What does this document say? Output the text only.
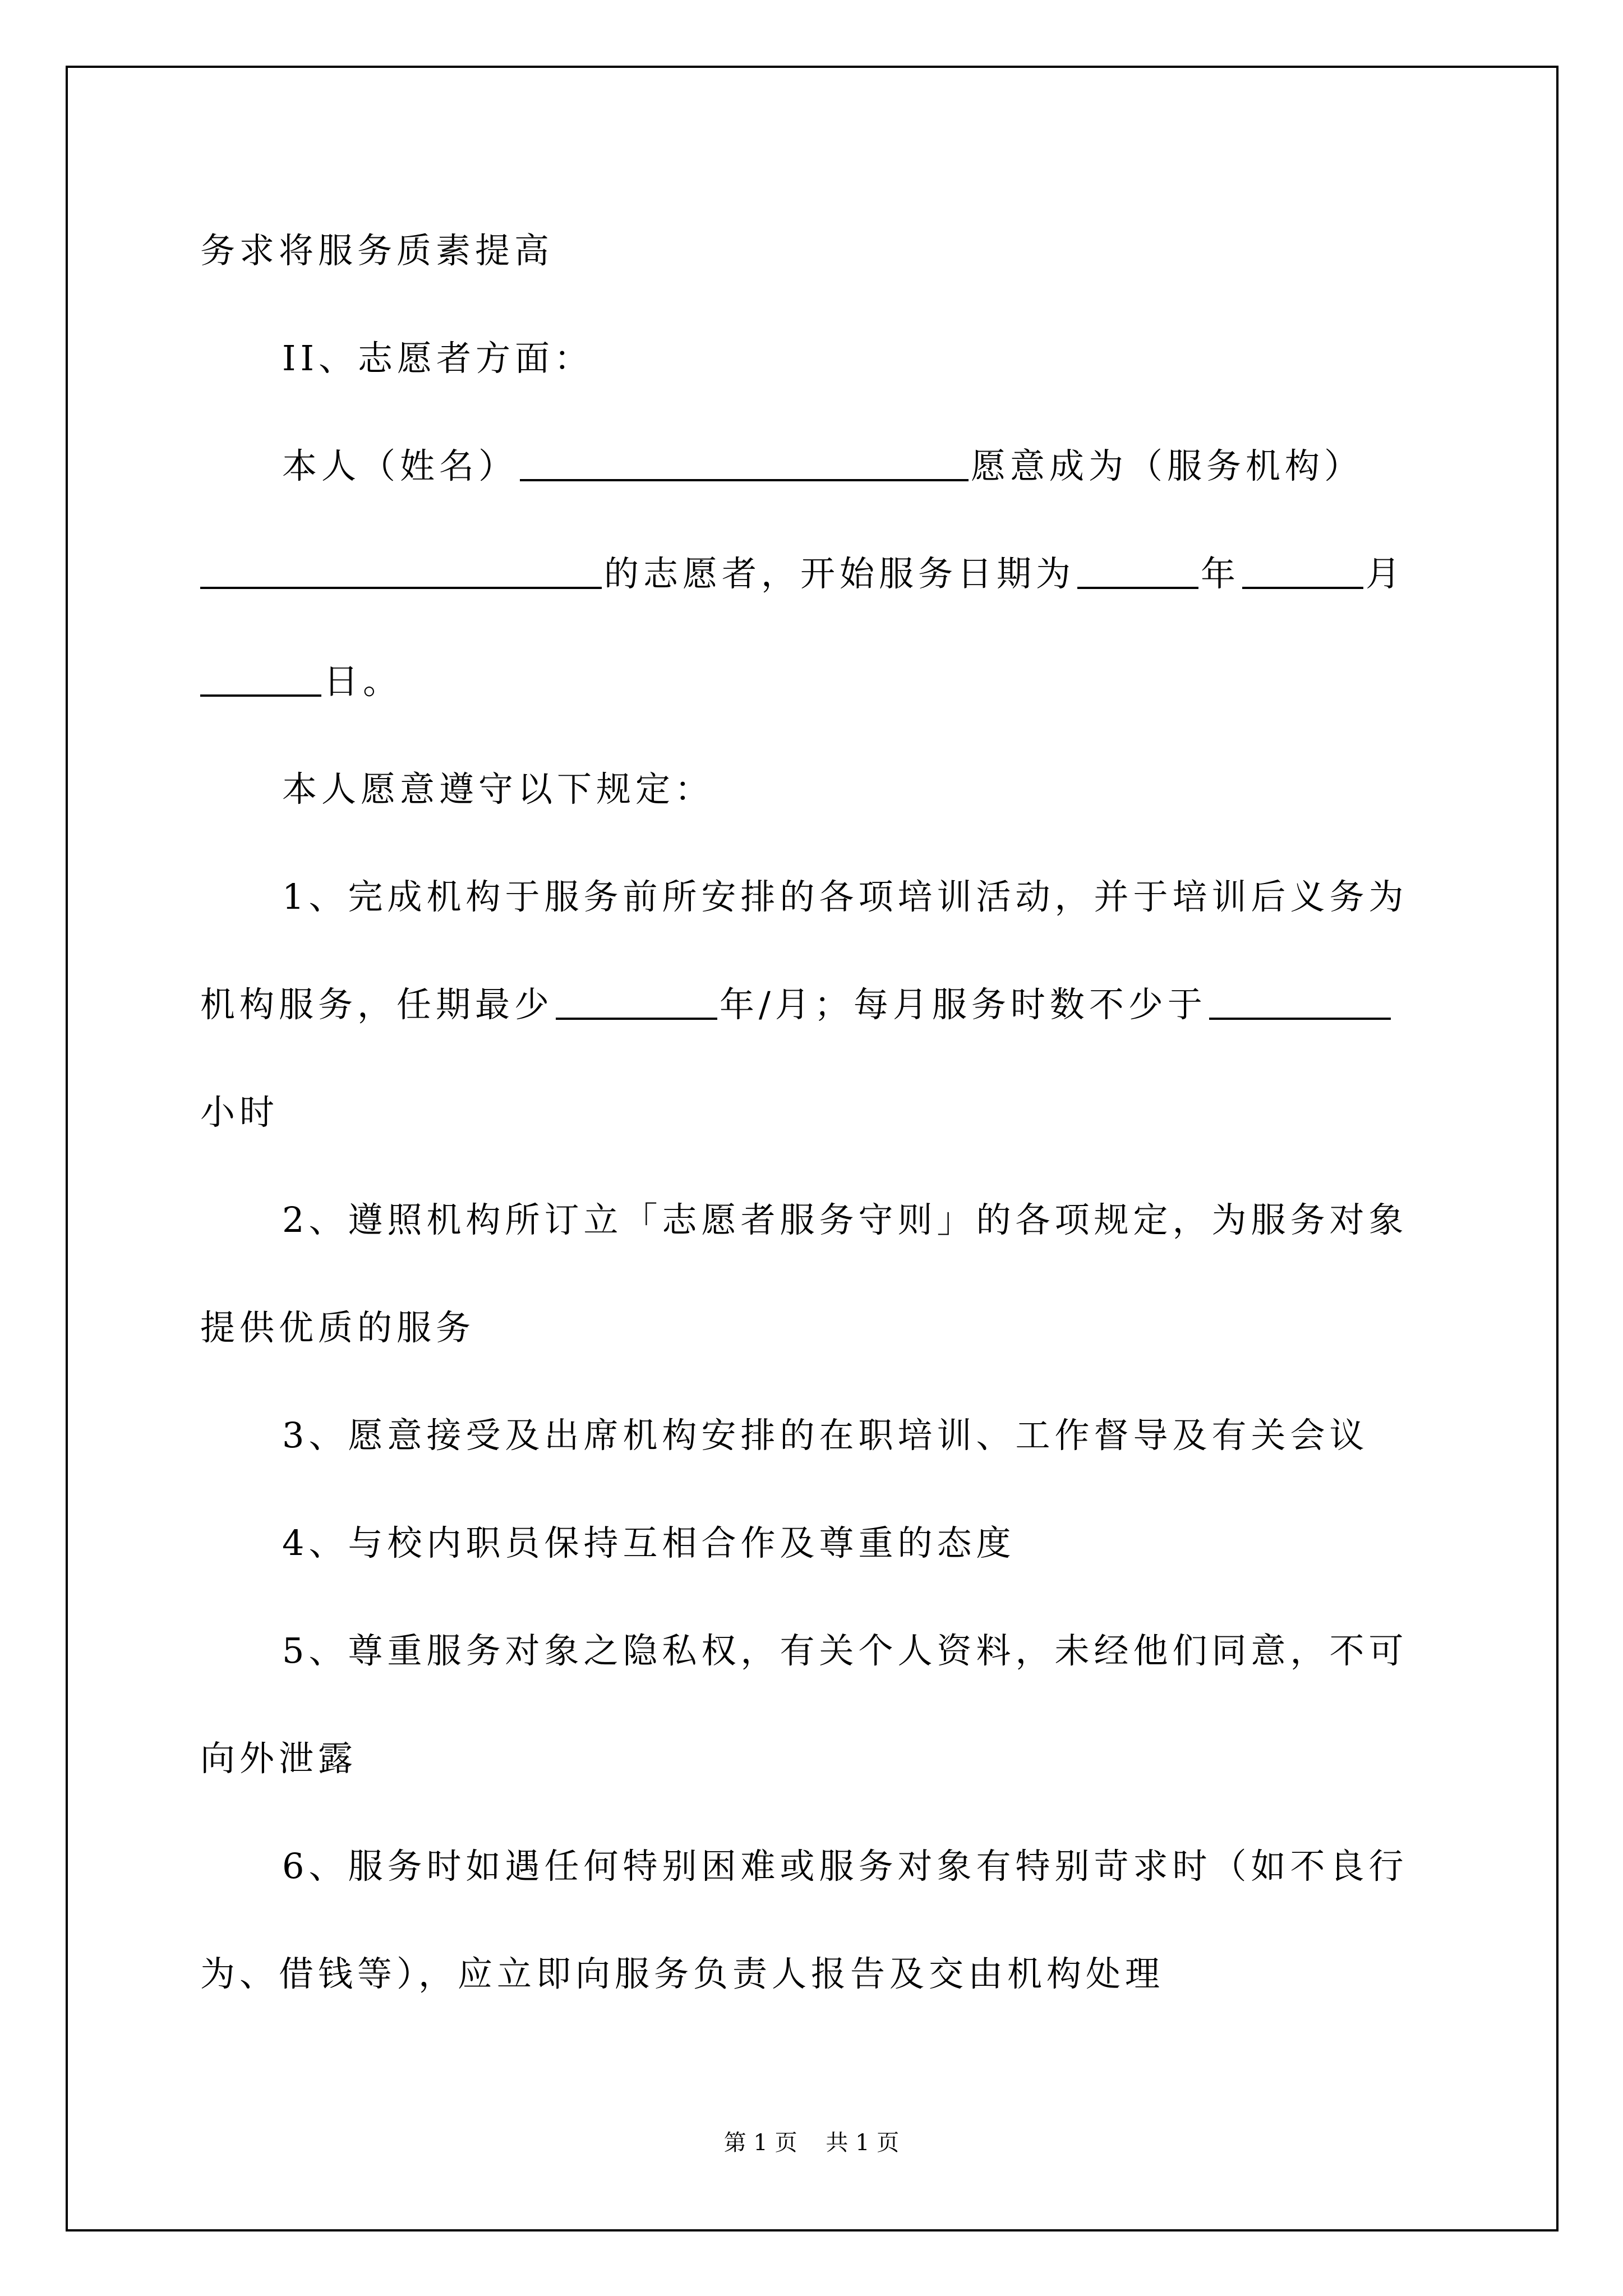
务求将服务质素提高
II、志愿者方面：
本人（姓名）	愿意成为（服务机构）
的志愿者，开始服务日期为	年	月
日。
本人愿意遵守以下规定：
1、完成机构于服务前所安排的各项培训活动，并于培训后义务为
机构服务，任期最少	年/月；每月服务时数不少于
小时
2、遵照机构所订立「志愿者服务守则」的各项规定，为服务对象
提供优质的服务
3、愿意接受及出席机构安排的在职培训、工作督导及有关会议
4、与校内职员保持互相合作及尊重的态度
5、尊重服务对象之隐私权，有关个人资料，未经他们同意，不可
向外泄露
6、服务时如遇任何特别困难或服务对象有特别苛求时（如不良行
为、借钱等），应立即向服务负责人报告及交由机构处理
第 1 页    共 1 页
